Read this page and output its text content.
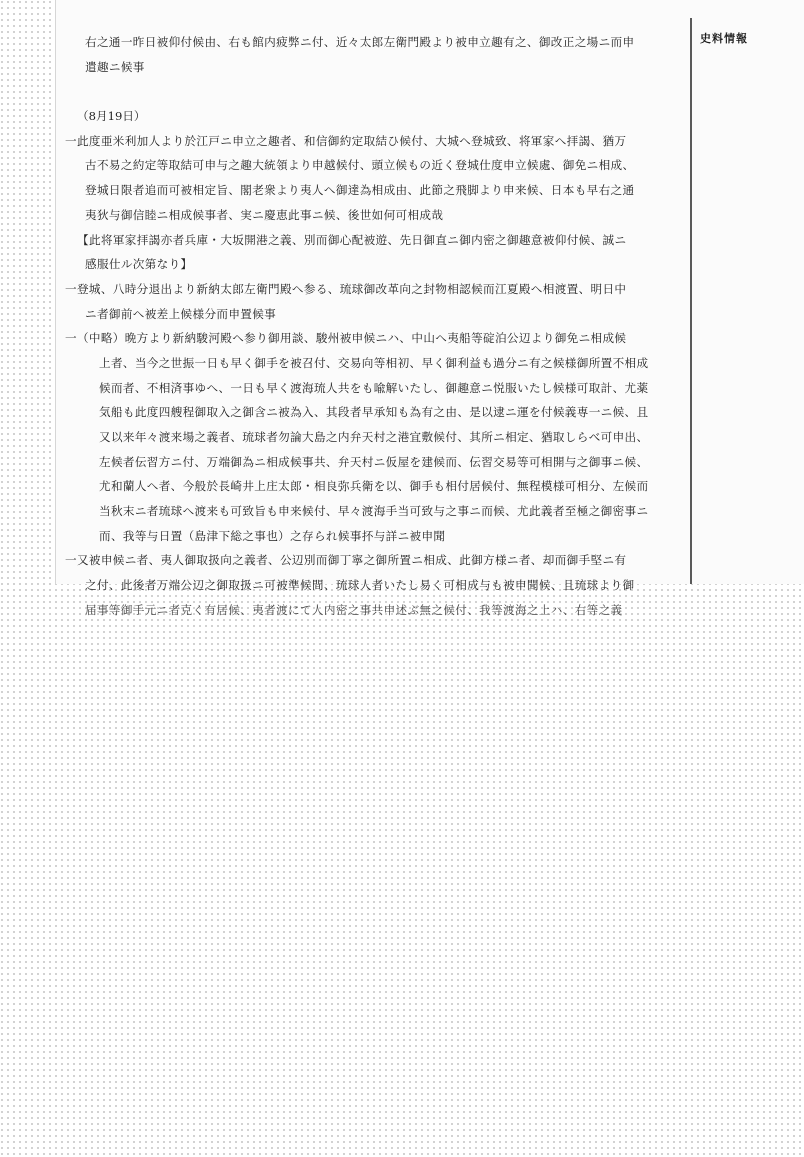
史料情報
右之通一昨日被仰付候由、右も館内疲弊ニ付、近々太郎左衛門殿より被申立趣有之、御改正之場ニ而申
遣趣ニ候事
（8月19日）
一此度亜米利加人より於江戸ニ申立之趣者、和信御約定取結ひ候付、大城へ登城致、将軍家へ拝謁、猶万
古不易之約定等取結可申与之趣大統領より申越候付、頭立候もの近く登城仕度申立候處、御免ニ相成、
登城日限者追而可被相定旨、閣老衆より夷人へ御達為相成由、此節之飛脚より申来候、日本も早右之通
夷狄与御信睦ニ相成候事者、実ニ慶恵此事ニ候、後世如何可相成哉
【此将軍家拝謁亦者兵庫・大坂開港之義、別而御心配被遊、先日御直ニ御内密之御趣意被仰付候、誠ニ
感服仕ル次第なり】
一登城、八時分退出より新納太郎左衛門殿へ参る、琉球御改革向之封物相認候而江夏殿へ相渡置、明日中
ニ者御前へ被差上候様分而申置候事
一（中略）晩方より新納駿河殿へ参り御用談、駿州被申候ニハ、中山へ夷船等碇泊公辺より御免ニ相成候
上者、当今之世振一日も早く御手を被召付、交易向等相初、早く御利益も過分ニ有之候様御所置不相成
候而者、不相済事ゆへ、一日も早く渡海琉人共をも喩解いたし、御趣意ニ悦服いたし候様可取計、尤薬
気船も此度四艘程御取入之御含ニ被為入、其段者早承知も為有之由、是以逮ニ運を付候義専一ニ候、且
又以来年々渡来場之義者、琉球者勿論大島之内弁天村之港宜敷候付、其所ニ相定、猶取しらべ可申出、
左候者伝習方ニ付、万端御為ニ相成候事共、弁天村ニ仮屋を建候而、伝習交易等可相開与之御事ニ候、
尤和蘭人へ者、今般於長崎井上庄太郎・相良弥兵衛を以、御手も相付居候付、無程模様可相分、左候而
当秋末ニ者琉球へ渡来も可致旨も申来候付、早々渡海手当可致与之事ニ而候、尤此義者至極之御密事ニ
而、我等与日置（島津下総之事也）之存られ候事抔与詳ニ被申聞
一又被申候ニ者、夷人御取扱向之義者、公辺別而御丁寧之御所置ニ相成、此御方様ニ者、却而御手堅ニ有
之付、此後者万端公辺之御取扱ニ可被準候間、琉球人者いたし易く可相成与も被申聞候、且琉球より御
届事等御手元ニ者克く有居候、夷者渡にて人内密之事共申述ぶ無之候付、我等渡海之上ハ、右等之義
